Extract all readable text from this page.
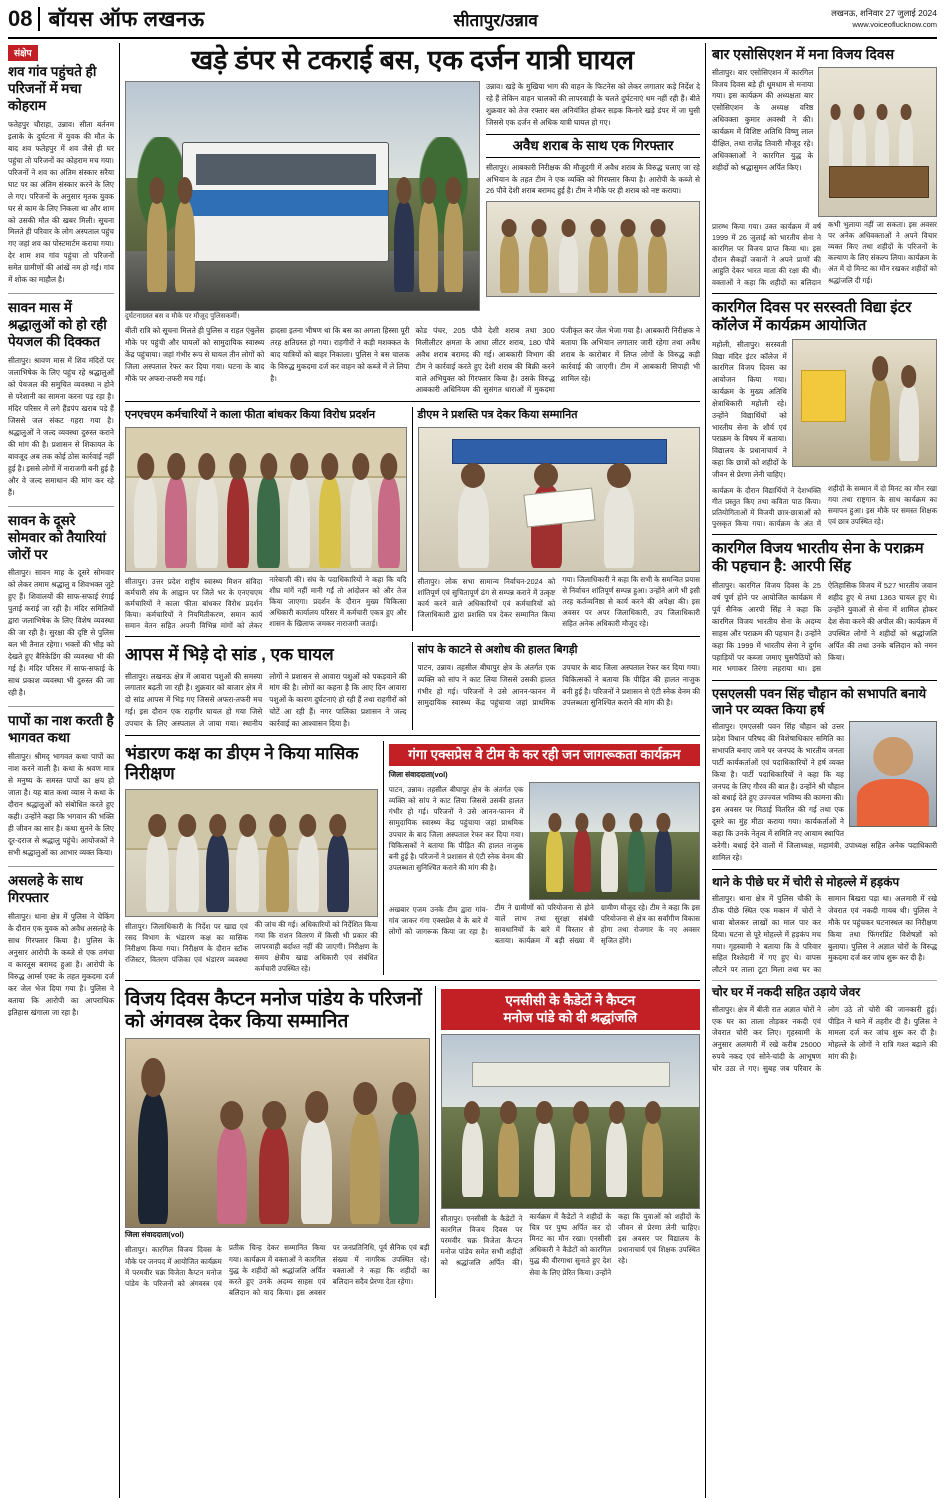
08 बॉयस ऑफ लखनऊ	सीतापुर/उन्नाव	लखनऊ, शनिवार 27 जुलाई 2024
www.voiceoflucknow.com
संक्षेप
शव गांव पहुंचते ही परिजनों में मचा कोहराम

फतेहपुर चौराहा, उन्नाव। सीता बर्तनम इलाके के दुर्घटना में युवक की मौत के बाद शव फतेहपुर में शव जैसे ही घर पहुंचा तो परिजनों का कोहराम मच गया।परिजनों ने शव का अंतिम संस्कार सरैया घाट पर का अंतिम संस्कार करने के लिए ले गए। परिजनों के अनुसार मृतक युवक घर से काम के लिए निकला था और शाम को उसकी मौत की खबर मिली। सूचना मिलते ही परिवार के लोग अस्पताल पहुंच गए जहां शव का पोस्टमार्टम कराया गया। देर शाम शव गांव पहुंचा तो परिजनों समेत ग्रामीणों की आंखें नम हो गईं। गांव में शोक का माहौल है।

सावन मास में श्रद्धालुओं को हो रही पेयजल की दिक्कत

सीतापुर। श्रावण मास में शिव मंदिरों पर जलाभिषेक के लिए पहुंच रहे श्रद्धालुओं को पेयजल की समुचित व्यवस्था न होने से परेशानी का सामना करना पड़ रहा है। मंदिर परिसर में लगे हैंडपंप खराब पड़े हैं जिससे जल संकट गहरा गया है। श्रद्धालुओं ने जल्द व्यवस्था दुरुस्त कराने की मांग की है। प्रशासन से शिकायत के बावजूद अब तक कोई ठोस कार्रवाई नहीं हुई है। इससे लोगों में नाराजगी बनी हुई है और वे जल्द समाधान की मांग कर रहे हैं।

सावन के दूसरे सोमवार को तैयारियां जोरों पर

सीतापुर। सावन माह के दूसरे सोमवार को लेकर तमाम श्रद्धालु व शिवभक्त जुटे हुए हैं। शिवालयों की साफ-सफाई रंगाई पुताई कराई जा रही है। मंदिर समितियों द्वारा जलाभिषेक के लिए विशेष व्यवस्था की जा रही है। सुरक्षा की दृष्टि से पुलिस बल भी तैनात रहेगा। भक्तों की भीड़ को देखते हुए बैरिकेडिंग की व्यवस्था भी की गई है। मंदिर परिसर में साफ-सफाई के साथ प्रकाश व्यवस्था भी दुरुस्त की जा रही है।

पापों का नाश करती है भागवत कथा

सीतापुर। श्रीमद् भागवत कथा पापों का नाश करने वाली है। कथा के श्रवण मात्र से मनुष्य के समस्त पापों का क्षय हो जाता है। यह बात कथा व्यास ने कथा के दौरान श्रद्धालुओं को संबोधित करते हुए कही। उन्होंने कहा कि भगवान की भक्ति ही जीवन का सार है। कथा सुनने के लिए दूर-दराज से श्रद्धालु पहुंचे। आयोजकों ने सभी श्रद्धालुओं का आभार व्यक्त किया।

असलहे के साथ गिरफ्तार

सीतापुर। थाना क्षेत्र में पुलिस ने चेकिंग के दौरान एक युवक को अवैध असलहे के साथ गिरफ्तार किया है। पुलिस के अनुसार आरोपी के कब्जे से एक तमंचा व कारतूस बरामद हुआ है। आरोपी के विरुद्ध आर्म्स एक्ट के तहत मुकदमा दर्ज कर जेल भेज दिया गया है। पुलिस ने बताया कि आरोपी का आपराधिक इतिहास खंगाला जा रहा है।

खड़े डंपर से टकराई बस, एक दर्जन यात्री घायल
दुर्घटनाग्रस्त बस व मौके पर मौजूद पुलिसकर्मी।

उन्नाव। खड़े के मुखिया भाग की वाहन के फिटनेस को लेकर लगातार कड़े निर्देश दे रहे हैं लेकिन वाहन चालकों की लापरवाही के चलते दुर्घटनाएं थम नहीं रही हैं। बीते शुक्रवार को तेज रफ्तार बस अनियंत्रित होकर सड़क किनारे खड़े डंपर में जा घुसी जिससे एक दर्जन से अधिक यात्री घायल हो गए।

अवैध शराब के साथ एक गिरफ्तार

सीतापुर। आबकारी निरीक्षक की मौजूदगी में अवैध शराब के विरुद्ध चलाए जा रहे अभियान के तहत टीम ने एक व्यक्ति को गिरफ्तार किया है। आरोपी के कब्जे से 26 पौवे देशी शराब बरामद हुई है। टीम ने मौके पर ही शराब को नष्ट कराया।

बीती रात्रि को सूचना मिलते ही पुलिस व राहत एंबुलेंस मौके पर पहुंची और घायलों को सामुदायिक स्वास्थ्य केंद्र पहुंचाया। जहां गंभीर रूप से घायल तीन लोगों को जिला अस्पताल रेफर कर दिया गया। घटना के बाद मौके पर अफरा-तफरी मच गई।

हादसा इतना भीषण था कि बस का अगला हिस्सा पूरी तरह क्षतिग्रस्त हो गया। राहगीरों ने कड़ी मशक्कत के बाद यात्रियों को बाहर निकाला। पुलिस ने बस चालक के विरुद्ध मुकदमा दर्ज कर वाहन को कब्जे में ले लिया है।

कोड पंचर, 205 पौवे देशी शराब तथा 300 मिलीलीटर क्षमता के आधा लीटर शराब, 180 पौवे अवैध शराब बरामद की गई। आबकारी विभाग की टीम ने कार्रवाई करते हुए देशी शराब की बिक्री करने वाले अभियुक्त को गिरफ्तार किया है। उसके विरुद्ध आबकारी अधिनियम की सुसंगत धाराओं में मुकदमा पंजीकृत कर जेल भेजा गया है। आबकारी निरीक्षक ने बताया कि अभियान लगातार जारी रहेगा तथा अवैध शराब के कारोबार में लिप्त लोगों के विरुद्ध कड़ी कार्रवाई की जाएगी। टीम में आबकारी सिपाही भी शामिल रहे।

एनएचएम कर्मचारियों ने काला फीता बांधकर किया विरोध प्रदर्शन

सीतापुर। उत्तर प्रदेश राष्ट्रीय स्वास्थ्य मिशन संविदा कर्मचारी संघ के आह्वान पर जिले भर के एनएचएम कर्मचारियों ने काला फीता बांधकर विरोध प्रदर्शन किया। कर्मचारियों ने नियमितीकरण, समान कार्य समान वेतन सहित अपनी विभिन्न मांगों को लेकर नारेबाजी की। संघ के पदाधिकारियों ने कहा कि यदि शीघ्र मांगें नहीं मानी गईं तो आंदोलन को और तेज किया जाएगा। प्रदर्शन के दौरान मुख्य चिकित्सा अधिकारी कार्यालय परिसर में कर्मचारी एकत्र हुए और शासन के खिलाफ जमकर नाराजगी जताई।

डीएम ने प्रशस्ति पत्र देकर किया सम्मानित

सीतापुर। लोक सभा सामान्य निर्वाचन-2024 को शांतिपूर्ण एवं सुचितापूर्ण ढंग से सम्पन्न कराने में उत्कृष्ट कार्य करने वाले अधिकारियों एवं कर्मचारियों को जिलाधिकारी द्वारा प्रशस्ति पत्र देकर सम्मानित किया गया। जिलाधिकारी ने कहा कि सभी के समन्वित प्रयास से निर्वाचन शांतिपूर्ण सम्पन्न हुआ। उन्होंने आगे भी इसी तरह कर्तव्यनिष्ठा से कार्य करने की अपेक्षा की। इस अवसर पर अपर जिलाधिकारी, उप जिलाधिकारी सहित अनेक अधिकारी मौजूद रहे।

आपस में भिड़े दो सांड , एक घायल

सीतापुर। लखनऊ क्षेत्र में आवारा पशुओं की समस्या लगातार बढ़ती जा रही है। शुक्रवार को बाजार क्षेत्र में दो सांड आपस में भिड़ गए जिससे अफरा-तफरी मच गई। इस दौरान एक राहगीर घायल हो गया जिसे उपचार के लिए अस्पताल ले जाया गया। स्थानीय लोगों ने प्रशासन से आवारा पशुओं को पकड़वाने की मांग की है। लोगों का कहना है कि आए दिन आवारा पशुओं के कारण दुर्घटनाएं हो रही हैं तथा राहगीरों को चोटें आ रही हैं। नगर पालिका प्रशासन ने जल्द कार्रवाई का आश्वासन दिया है।

सांप के काटने से अशोध की हालत बिगड़ी

पाटन, उन्नाव। तहसील बीघापुर क्षेत्र के अंतर्गत एक व्यक्ति को सांप ने काट लिया जिससे उसकी हालत गंभीर हो गई। परिजनों ने उसे आनन-फानन में सामुदायिक स्वास्थ्य केंद्र पहुंचाया जहां प्राथमिक उपचार के बाद जिला अस्पताल रेफर कर दिया गया। चिकित्सकों ने बताया कि पीड़ित की हालत नाजुक बनी हुई है। परिजनों ने प्रशासन से एंटी स्नेक वेनम की उपलब्धता सुनिश्चित कराने की मांग की है।

भंडारण कक्ष का डीएम ने किया मासिक निरीक्षण

सीतापुर। जिलाधिकारी के निर्देश पर खाद्य एवं रसद विभाग के भंडारण कक्ष का मासिक निरीक्षण किया गया। निरीक्षण के दौरान स्टॉक रजिस्टर, वितरण पंजिका एवं भंडारण व्यवस्था की जांच की गई। अधिकारियों को निर्देशित किया गया कि राशन वितरण में किसी भी प्रकार की लापरवाही बर्दाश्त नहीं की जाएगी। निरीक्षण के समय क्षेत्रीय खाद्य अधिकारी एवं संबंधित कर्मचारी उपस्थित रहे।

गंगा एक्सप्रेस वे टीम के कर रही जन जागरूकता कार्यक्रम
जिला संवाददाता(vol)

पाटन, उन्नाव। तहसील बीघापुर क्षेत्र के अंतर्गत एक व्यक्ति को सांप ने काट लिया जिससे उसकी हालत गंभीर हो गई। परिजनों ने उसे आनन-फानन में सामुदायिक स्वास्थ्य केंद्र पहुंचाया जहां प्राथमिक उपचार के बाद जिला अस्पताल रेफर कर दिया गया। चिकित्सकों ने बताया कि पीड़ित की हालत नाजुक बनी हुई है। परिजनों ने प्रशासन से एंटी स्नेक वेनम की उपलब्धता सुनिश्चित कराने की मांग की है।

अखबार एजम उनके टीम द्वारा गांव-गांव जाकर गंगा एक्सप्रेस वे के बारे में लोगों को जागरूक किया जा रहा है। टीम ने ग्रामीणों को परियोजना से होने वाले लाभ तथा सुरक्षा संबंधी सावधानियों के बारे में विस्तार से बताया। कार्यक्रम में बड़ी संख्या में ग्रामीण मौजूद रहे। टीम ने कहा कि इस परियोजना से क्षेत्र का सर्वांगीण विकास होगा तथा रोजगार के नए अवसर सृजित होंगे।

विजय दिवस कैप्टन मनोज पांडेय के परिजनों
को अंगवस्त्र देकर किया सम्मानित
जिला संवाददाता(vol)

सीतापुर। कारगिल विजय दिवस के मौके पर जनपद में आयोजित कार्यक्रम में परमवीर चक्र विजेता कैप्टन मनोज पांडेय के परिजनों को अंगवस्त्र एवं प्रतीक चिन्ह देकर सम्मानित किया गया। कार्यक्रम में वक्ताओं ने कारगिल युद्ध के शहीदों को श्रद्धांजलि अर्पित करते हुए उनके अदम्य साहस एवं बलिदान को याद किया। इस अवसर पर जनप्रतिनिधि, पूर्व सैनिक एवं बड़ी संख्या में नागरिक उपस्थित रहे। वक्ताओं ने कहा कि शहीदों का बलिदान सदैव प्रेरणा देता रहेगा।

एनसीसी के कैडेटों ने कैप्टन
मनोज पांडे को दी श्रद्धांजलि

सीतापुर। एनसीसी के कैडेटों ने कारगिल विजय दिवस पर परमवीर चक्र विजेता कैप्टन मनोज पांडेय समेत सभी शहीदों को श्रद्धांजलि अर्पित की। कार्यक्रम में कैडेटों ने शहीदों के चित्र पर पुष्प अर्पित कर दो मिनट का मौन रखा। एनसीसी अधिकारी ने कैडेटों को कारगिल युद्ध की वीरगाथा सुनाते हुए देश सेवा के लिए प्रेरित किया। उन्होंने कहा कि युवाओं को शहीदों के जीवन से प्रेरणा लेनी चाहिए। इस अवसर पर विद्यालय के प्रधानाचार्य एवं शिक्षक उपस्थित रहे।

बार एसोसिएशन में मना विजय दिवस

सीतापुर। बार एसोसिएशन में कारगिल विजय दिवस बड़े ही धूमधाम से मनाया गया। इस कार्यक्रम की अध्यक्षता बार एसोसिएशन के अध्यक्ष वरिष्ठ अधिवक्ता कुमार अवस्थी ने की। कार्यक्रम में विशिष्ट अतिथि विष्णु लाल दीक्षित, तथा राजेंद्र तिवारी मौजूद रहे। अधिवक्ताओं ने कारगिल युद्ध के शहीदों को श्रद्धासुमन अर्पित किए।

प्रारम्भ किया गया। उक्त कार्यक्रम में वर्ष 1999 में 26 जुलाई को भारतीय सेना ने कारगिल पर विजय प्राप्त किया था। इस दौरान सैकड़ों जवानों ने अपने प्राणों की आहुति देकर भारत माता की रक्षा की थी। वक्ताओं ने कहा कि शहीदों का बलिदान कभी भुलाया नहीं जा सकता। इस अवसर पर अनेक अधिवक्ताओं ने अपने विचार व्यक्त किए तथा शहीदों के परिजनों के कल्याण के लिए संकल्प लिया। कार्यक्रम के अंत में दो मिनट का मौन रखकर शहीदों को श्रद्धांजलि दी गई।

कारगिल दिवस पर सरस्वती विद्या इंटर कॉलेज में कार्यक्रम आयोजित

महोली, सीतापुर। सरस्वती विद्या मंदिर इंटर कॉलेज में कारगिल विजय दिवस का आयोजन किया गया। कार्यक्रम के मुख्य अतिथि क्षेत्राधिकारी महोली रहे। उन्होंने विद्यार्थियों को भारतीय सेना के शौर्य एवं पराक्रम के विषय में बताया। विद्यालय के प्रधानाचार्य ने कहा कि छात्रों को शहीदों के जीवन से प्रेरणा लेनी चाहिए।

कार्यक्रम के दौरान विद्यार्थियों ने देशभक्ति गीत प्रस्तुत किए तथा कविता पाठ किया। प्रतियोगिताओं में विजयी छात्र-छात्राओं को पुरस्कृत किया गया। कार्यक्रम के अंत में शहीदों के सम्मान में दो मिनट का मौन रखा गया तथा राष्ट्रगान के साथ कार्यक्रम का समापन हुआ। इस मौके पर समस्त शिक्षक एवं छात्र उपस्थित रहे।

कारगिल विजय भारतीय सेना के पराक्रम की पहचान है: आरपी सिंह

सीतापुर। कारगिल विजय दिवस के 25 वर्ष पूर्ण होने पर आयोजित कार्यक्रम में पूर्व सैनिक आरपी सिंह ने कहा कि कारगिल विजय भारतीय सेना के अदम्य साहस और पराक्रम की पहचान है। उन्होंने कहा कि 1999 में भारतीय सेना ने दुर्गम पहाड़ियों पर कब्जा जमाए घुसपैठियों को मार भगाकर तिरंगा लहराया था। इस ऐतिहासिक विजय में 527 भारतीय जवान शहीद हुए थे तथा 1363 घायल हुए थे। उन्होंने युवाओं से सेना में शामिल होकर देश सेवा करने की अपील की। कार्यक्रम में उपस्थित लोगों ने शहीदों को श्रद्धांजलि अर्पित की तथा उनके बलिदान को नमन किया।

एसएलसी पवन सिंह चौहान को सभापति बनाये जाने पर व्यक्त किया हर्ष

सीतापुर। एमएलसी पवन सिंह चौहान को उत्तर प्रदेश विधान परिषद की विशेषाधिकार समिति का सभापति बनाए जाने पर जनपद के भारतीय जनता पार्टी कार्यकर्ताओं एवं पदाधिकारियों ने हर्ष व्यक्त किया है। पार्टी पदाधिकारियों ने कहा कि यह जनपद के लिए गौरव की बात है। उन्होंने श्री चौहान को बधाई देते हुए उज्ज्वल भविष्य की कामना की। इस अवसर पर मिठाई वितरित की गई तथा एक दूसरे का मुंह मीठा कराया गया। कार्यकर्ताओं ने कहा कि उनके नेतृत्व में समिति नए आयाम स्थापित करेगी। बधाई देने वालों में जिलाध्यक्ष, महामंत्री, उपाध्यक्ष सहित अनेक पदाधिकारी शामिल रहे।

थाने के पीछे घर में चोरी से मोहल्ले में हड़कंप

सीतापुर। थाना क्षेत्र में पुलिस चौकी के ठीक पीछे स्थित एक मकान में चोरों ने धावा बोलकर लाखों का माल पार कर दिया। घटना से पूरे मोहल्ले में हड़कंप मच गया। गृहस्वामी ने बताया कि वे परिवार सहित रिश्तेदारी में गए हुए थे। वापस लौटने पर ताला टूटा मिला तथा घर का सामान बिखरा पड़ा था। अलमारी में रखे जेवरात एवं नकदी गायब थी। पुलिस ने मौके पर पहुंचकर घटनास्थल का निरीक्षण किया तथा फिंगरप्रिंट विशेषज्ञों को बुलाया। पुलिस ने अज्ञात चोरों के विरुद्ध मुकदमा दर्ज कर जांच शुरू कर दी है।

चोर घर में नकदी सहित उड़ाये जेवर

सीतापुर। क्षेत्र में बीती रात अज्ञात चोरों ने एक घर का ताला तोड़कर नकदी एवं जेवरात चोरी कर लिए। गृहस्वामी के अनुसार अलमारी में रखे करीब 25000 रुपये नकद एवं सोने-चांदी के आभूषण चोर उठा ले गए। सुबह जब परिवार के लोग उठे तो चोरी की जानकारी हुई। पीड़ित ने थाने में तहरीर दी है। पुलिस ने मामला दर्ज कर जांच शुरू कर दी है। मोहल्ले के लोगों ने रात्रि गश्त बढ़ाने की मांग की है।
